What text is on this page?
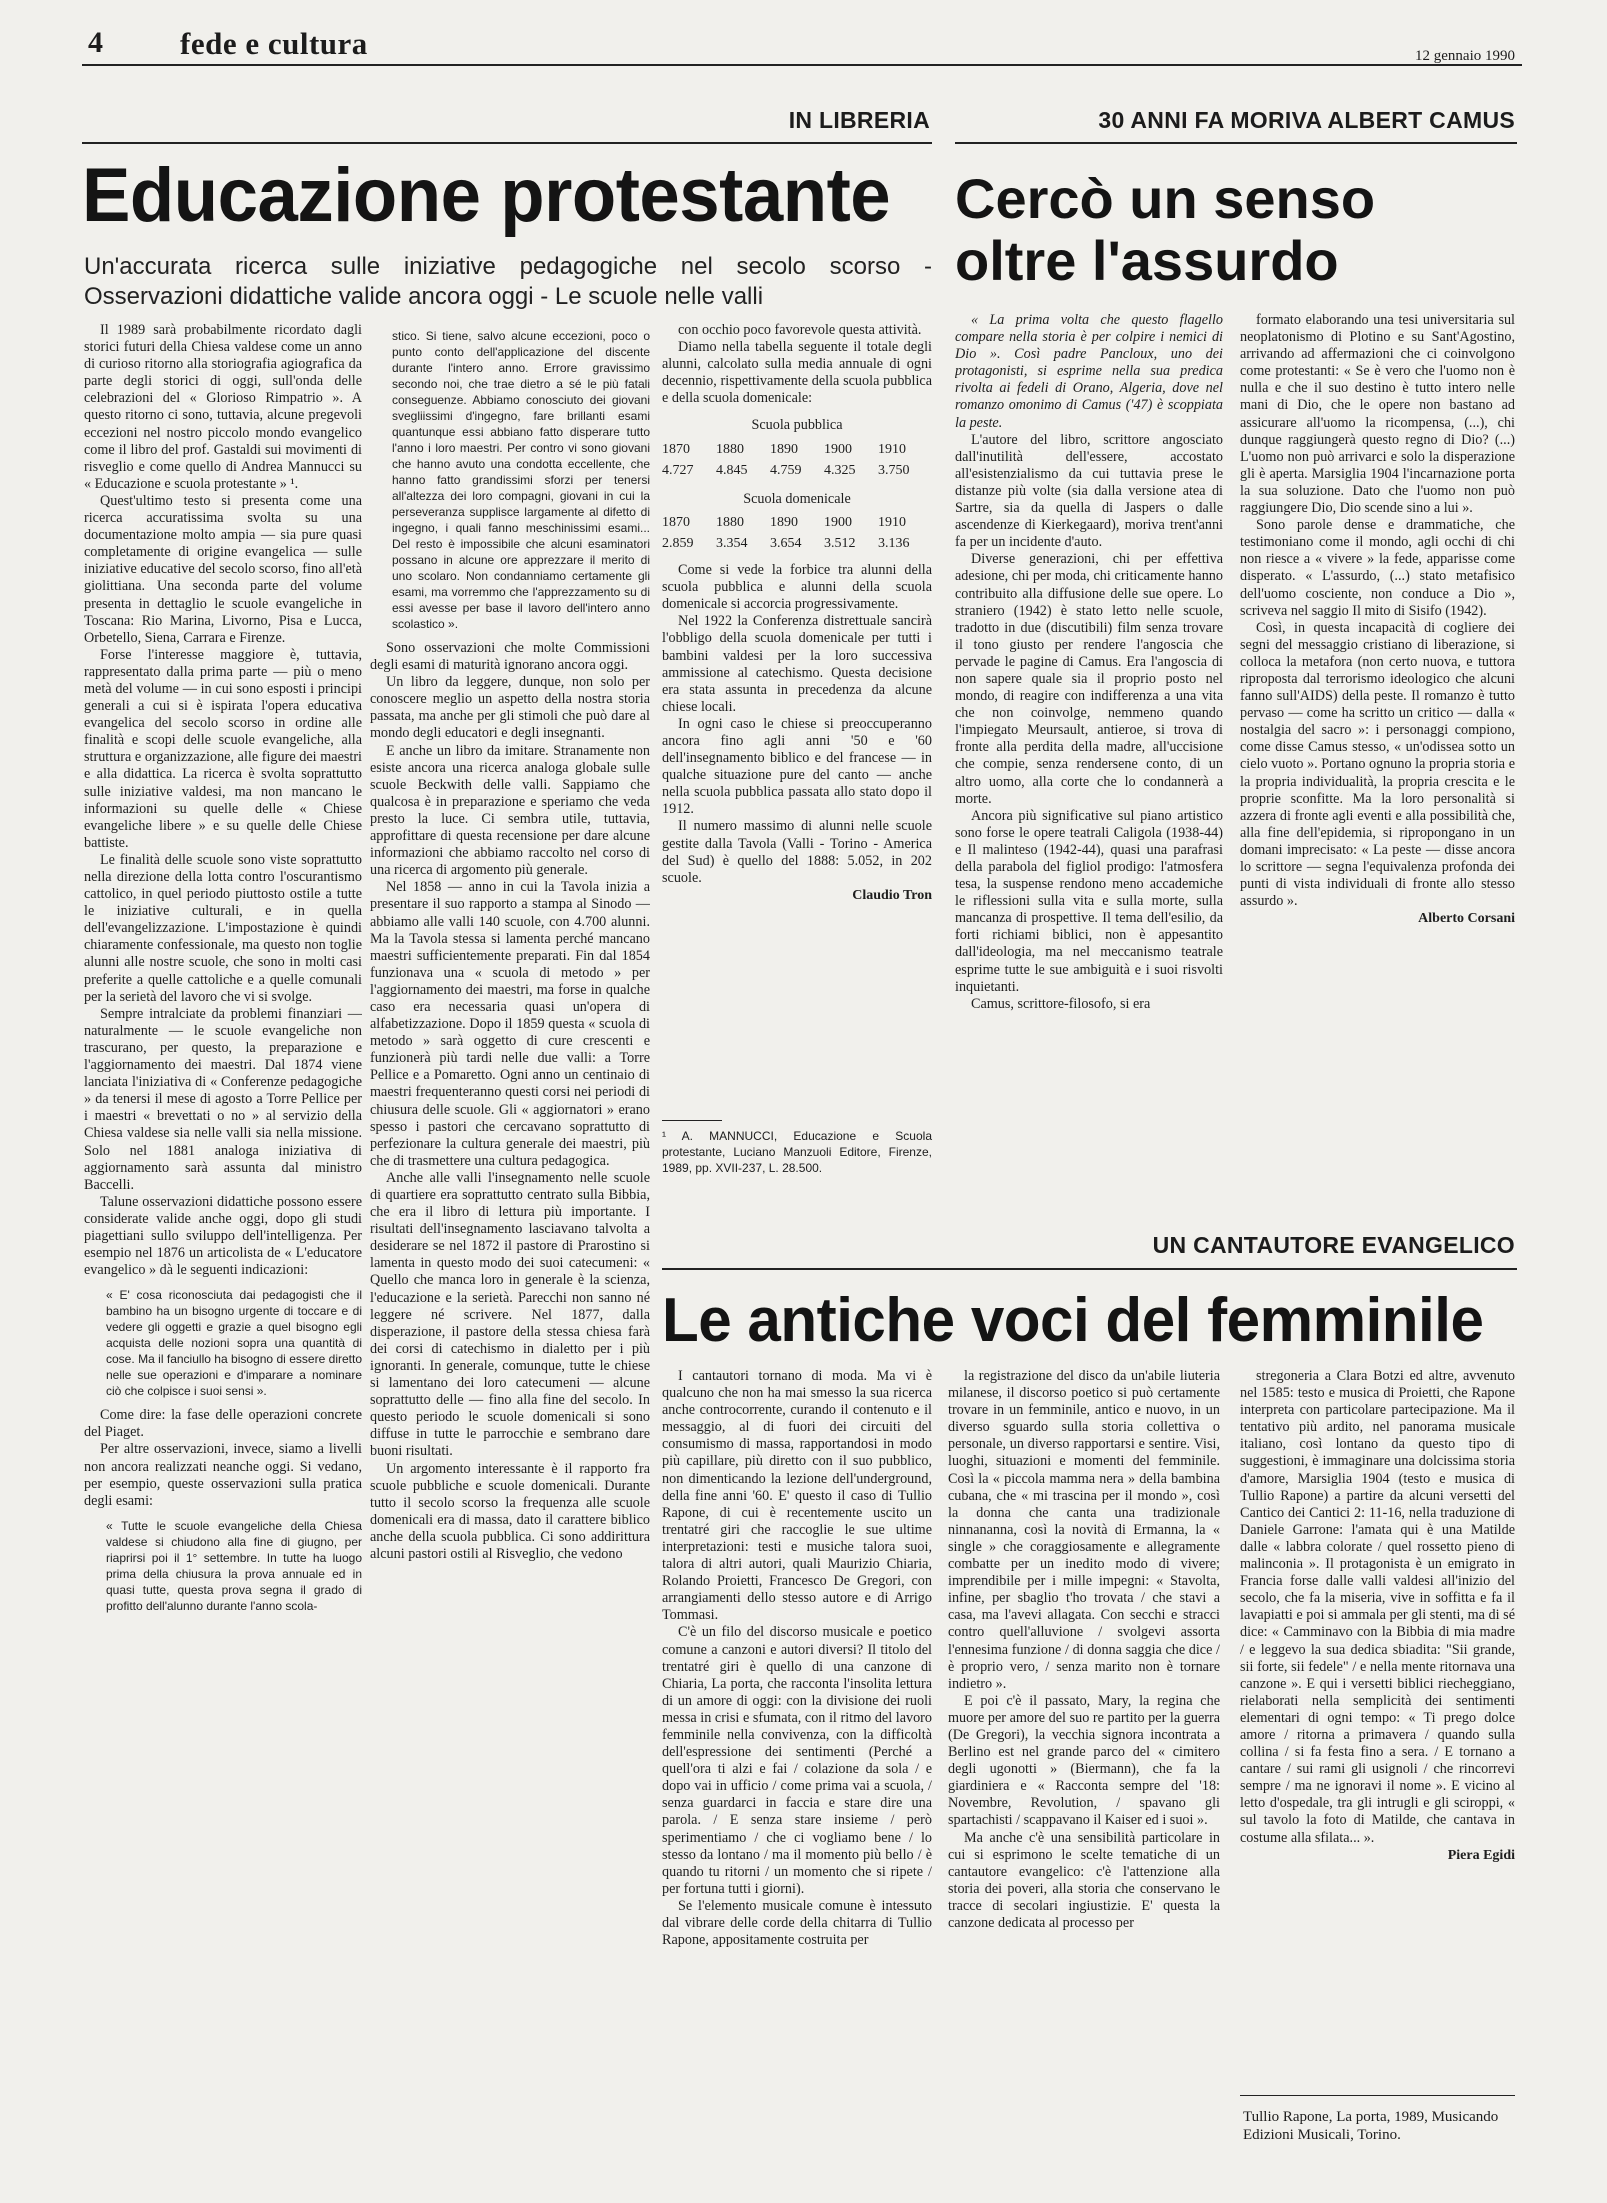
4 fede e cultura	12 gennaio 1990
IN LIBRERIA
Educazione protestante
Un'accurata ricerca sulle iniziative pedagogiche nel secolo scorso - Osservazioni didattiche valide ancora oggi - Le scuole nelle valli

Il 1989 sarà probabilmente ricordato dagli storici futuri della Chiesa valdese come un anno di curioso ritorno alla storiografia agiografica da parte degli storici di oggi, sull'onda delle celebrazioni del « Glorioso Rimpatrio ». A questo ritorno ci sono, tuttavia, alcune pregevoli eccezioni nel nostro piccolo mondo evangelico come il libro del prof. Gastaldi sui movimenti di risveglio e come quello di Andrea Mannucci su « Educazione e scuola protestante » ¹.

Quest'ultimo testo si presenta come una ricerca accuratissima svolta su una documentazione molto ampia — sia pure quasi completamente di origine evangelica — sulle iniziative educative del secolo scorso, fino all'età giolittiana. Una seconda parte del volume presenta in dettaglio le scuole evangeliche in Toscana: Rio Marina, Livorno, Pisa e Lucca, Orbetello, Siena, Carrara e Firenze.

Forse l'interesse maggiore è, tuttavia, rappresentato dalla prima parte — più o meno metà del volume — in cui sono esposti i principi generali a cui si è ispirata l'opera educativa evangelica del secolo scorso in ordine alle finalità e scopi delle scuole evangeliche, alla struttura e organizzazione, alle figure dei maestri e alla didattica. La ricerca è svolta soprattutto sulle iniziative valdesi, ma non mancano le informazioni su quelle delle « Chiese evangeliche libere » e su quelle delle Chiese battiste.

Le finalità delle scuole sono viste soprattutto nella direzione della lotta contro l'oscurantismo cattolico, in quel periodo piuttosto ostile a tutte le iniziative culturali, e in quella dell'evangelizzazione. L'impostazione è quindi chiaramente confessionale, ma questo non toglie alunni alle nostre scuole, che sono in molti casi preferite a quelle cattoliche e a quelle comunali per la serietà del lavoro che vi si svolge.

Sempre intralciate da problemi finanziari — naturalmente — le scuole evangeliche non trascurano, per questo, la preparazione e l'aggiornamento dei maestri. Dal 1874 viene lanciata l'iniziativa di « Conferenze pedagogiche » da tenersi il mese di agosto a Torre Pellice per i maestri « brevettati o no » al servizio della Chiesa valdese sia nelle valli sia nella missione. Solo nel 1881 analoga iniziativa di aggiornamento sarà assunta dal ministro Baccelli.

Talune osservazioni didattiche possono essere considerate valide anche oggi, dopo gli studi piagettiani sullo sviluppo dell'intelligenza. Per esempio nel 1876 un articolista de « L'educatore evangelico » dà le seguenti indicazioni:

« E' cosa riconosciuta dai pedagogisti che il bambino ha un bisogno urgente di toccare e di vedere gli oggetti e grazie a quel bisogno egli acquista delle nozioni sopra una quantità di cose. Ma il fanciullo ha bisogno di essere diretto nelle sue operazioni e d'imparare a nominare ciò che colpisce i suoi sensi ».

Come dire: la fase delle operazioni concrete del Piaget.

Per altre osservazioni, invece, siamo a livelli non ancora realizzati neanche oggi. Si vedano, per esempio, queste osservazioni sulla pratica degli esami:

« Tutte le scuole evangeliche della Chiesa valdese si chiudono alla fine di giugno, per riaprirsi poi il 1° settembre. In tutte ha luogo prima della chiusura la prova annuale ed in quasi tutte, questa prova segna il grado di profitto dell'alunno durante l'anno scola-
stico. Si tiene, salvo alcune eccezioni, poco o punto conto dell'applicazione del discente durante l'intero anno. Errore gravissimo secondo noi, che trae dietro a sé le più fatali conseguenze. Abbiamo conosciuto dei giovani svegliissimi d'ingegno, fare brillanti esami quantunque essi abbiano fatto disperare tutto l'anno i loro maestri. Per contro vi sono giovani che hanno avuto una condotta eccellente, che hanno fatto grandissimi sforzi per tenersi all'altezza dei loro compagni, giovani in cui la perseveranza supplisce largamente al difetto di ingegno, i quali fanno meschinissimi esami... Del resto è impossibile che alcuni esaminatori possano in alcune ore apprezzare il merito di uno scolaro. Non condanniamo certamente gli esami, ma vorremmo che l'apprezzamento su di essi avesse per base il lavoro dell'intero anno scolastico ».

Sono osservazioni che molte Commissioni degli esami di maturità ignorano ancora oggi.

Un libro da leggere, dunque, non solo per conoscere meglio un aspetto della nostra storia passata, ma anche per gli stimoli che può dare al mondo degli educatori e degli insegnanti.

E anche un libro da imitare. Stranamente non esiste ancora una ricerca analoga globale sulle scuole Beckwith delle valli. Sappiamo che qualcosa è in preparazione e speriamo che veda presto la luce. Ci sembra utile, tuttavia, approfittare di questa recensione per dare alcune informazioni che abbiamo raccolto nel corso di una ricerca di argomento più generale.

Nel 1858 — anno in cui la Tavola inizia a presentare il suo rapporto a stampa al Sinodo — abbiamo alle valli 140 scuole, con 4.700 alunni. Ma la Tavola stessa si lamenta perché mancano maestri sufficientemente preparati. Fin dal 1854 funzionava una « scuola di metodo » per l'aggiornamento dei maestri, ma forse in qualche caso era necessaria quasi un'opera di alfabetizzazione. Dopo il 1859 questa « scuola di metodo » sarà oggetto di cure crescenti e funzionerà più tardi nelle due valli: a Torre Pellice e a Pomaretto. Ogni anno un centinaio di maestri frequenteranno questi corsi nei periodi di chiusura delle scuole. Gli « aggiornatori » erano spesso i pastori che cercavano soprattutto di perfezionare la cultura generale dei maestri, più che di trasmettere una cultura pedagogica.

Anche alle valli l'insegnamento nelle scuole di quartiere era soprattutto centrato sulla Bibbia, che era il libro di lettura più importante. I risultati dell'insegnamento lasciavano talvolta a desiderare se nel 1872 il pastore di Prarostino si lamenta in questo modo dei suoi catecumeni: « Quello che manca loro in generale è la scienza, l'educazione e la serietà. Parecchi non sanno né leggere né scrivere. Nel 1877, dalla disperazione, il pastore della stessa chiesa farà dei corsi di catechismo in dialetto per i più ignoranti. In generale, comunque, tutte le chiese si lamentano dei loro catecumeni — alcune soprattutto delle — fino alla fine del secolo. In questo periodo le scuole domenicali si sono diffuse in tutte le parrocchie e sembrano dare buoni risultati.

Un argomento interessante è il rapporto fra scuole pubbliche e scuole domenicali. Durante tutto il secolo scorso la frequenza alle scuole domenicali era di massa, dato il carattere biblico anche della scuola pubblica. Ci sono addirittura alcuni pastori ostili al Risveglio, che vedono

con occhio poco favorevole questa attività.

Diamo nella tabella seguente il totale degli alunni, calcolato sulla media annuale di ogni decennio, rispettivamente della scuola pubblica e della scuola domenicale:

Scuola pubblica

1870	1880	1890	1900	1910
4.727	4.845	4.759	4.325	3.750

Scuola domenicale

1870	1880	1890	1900	1910
2.859	3.354	3.654	3.512	3.136

Come si vede la forbice tra alunni della scuola pubblica e alunni della scuola domenicale si accorcia progressivamente.

Nel 1922 la Conferenza distrettuale sancirà l'obbligo della scuola domenicale per tutti i bambini valdesi per la loro successiva ammissione al catechismo. Questa decisione era stata assunta in precedenza da alcune chiese locali.

In ogni caso le chiese si preoccuperanno ancora fino agli anni '50 e '60 dell'insegnamento biblico e del francese — in qualche situazione pure del canto — anche nella scuola pubblica passata allo stato dopo il 1912.

Il numero massimo di alunni nelle scuole gestite dalla Tavola (Valli - Torino - America del Sud) è quello del 1888: 5.052, in 202 scuole.

Claudio Tron

¹ A. MANNUCCI, Educazione e Scuola protestante, Luciano Manzuoli Editore, Firenze, 1989, pp. XVII-237, L. 28.500.
30 ANNI FA MORIVA ALBERT CAMUS
Cercò un senso
oltre l'assurdo

« La prima volta che questo flagello compare nella storia è per colpire i nemici di Dio ». Così padre Pancloux, uno dei protagonisti, si esprime nella sua predica rivolta ai fedeli di Orano, Algeria, dove nel romanzo omonimo di Camus ('47) è scoppiata la peste.

L'autore del libro, scrittore angosciato dall'inutilità dell'essere, accostato all'esistenzialismo da cui tuttavia prese le distanze più volte (sia dalla versione atea di Sartre, sia da quella di Jaspers o dalle ascendenze di Kierkegaard), moriva trent'anni fa per un incidente d'auto.

Diverse generazioni, chi per effettiva adesione, chi per moda, chi criticamente hanno contribuito alla diffusione delle sue opere. Lo straniero (1942) è stato letto nelle scuole, tradotto in due (discutibili) film senza trovare il tono giusto per rendere l'angoscia che pervade le pagine di Camus. Era l'angoscia di non sapere quale sia il proprio posto nel mondo, di reagire con indifferenza a una vita che non coinvolge, nemmeno quando l'impiegato Meursault, antieroe, si trova di fronte alla perdita della madre, all'uccisione che compie, senza rendersene conto, di un altro uomo, alla corte che lo condannerà a morte.

Ancora più significative sul piano artistico sono forse le opere teatrali Caligola (1938-44) e Il malinteso (1942-44), quasi una parafrasi della parabola del figliol prodigo: l'atmosfera tesa, la suspense rendono meno accademiche le riflessioni sulla vita e sulla morte, sulla mancanza di prospettive. Il tema dell'esilio, da forti richiami biblici, non è appesantito dall'ideologia, ma nel meccanismo teatrale esprime tutte le sue ambiguità e i suoi risvolti inquietanti.

Camus, scrittore-filosofo, si era

formato elaborando una tesi universitaria sul neoplatonismo di Plotino e su Sant'Agostino, arrivando ad affermazioni che ci coinvolgono come protestanti: « Se è vero che l'uomo non è nulla e che il suo destino è tutto intero nelle mani di Dio, che le opere non bastano ad assicurare all'uomo la ricompensa, (...), chi dunque raggiungerà questo regno di Dio? (...) L'uomo non può arrivarci e solo la disperazione gli è aperta. Marsiglia 1904 l'incarnazione porta la sua soluzione. Dato che l'uomo non può raggiungere Dio, Dio scende sino a lui ».

Sono parole dense e drammatiche, che testimoniano come il mondo, agli occhi di chi non riesce a « vivere » la fede, apparisse come disperato. « L'assurdo, (...) stato metafisico dell'uomo cosciente, non conduce a Dio », scriveva nel saggio Il mito di Sisifo (1942).

Così, in questa incapacità di cogliere dei segni del messaggio cristiano di liberazione, si colloca la metafora (non certo nuova, e tuttora riproposta dal terrorismo ideologico che alcuni fanno sull'AIDS) della peste. Il romanzo è tutto pervaso — come ha scritto un critico — dalla « nostalgia del sacro »: i personaggi compiono, come disse Camus stesso, « un'odissea sotto un cielo vuoto ». Portano ognuno la propria storia e la propria individualità, la propria crescita e le proprie sconfitte. Ma la loro personalità si azzera di fronte agli eventi e alla possibilità che, alla fine dell'epidemia, si ripropongano in un domani imprecisato: « La peste — disse ancora lo scrittore — segna l'equivalenza profonda dei punti di vista individuali di fronte allo stesso assurdo ».

Alberto Corsani

UN CANTAUTORE EVANGELICO
Le antiche voci del femminile

I cantautori tornano di moda. Ma vi è qualcuno che non ha mai smesso la sua ricerca anche controcorrente, curando il contenuto e il messaggio, al di fuori dei circuiti del consumismo di massa, rapportandosi in modo più capillare, più diretto con il suo pubblico, non dimenticando la lezione dell'underground, della fine anni '60. E' questo il caso di Tullio Rapone, di cui è recentemente uscito un trentatré giri che raccoglie le sue ultime interpretazioni: testi e musiche talora suoi, talora di altri autori, quali Maurizio Chiaria, Rolando Proietti, Francesco De Gregori, con arrangiamenti dello stesso autore e di Arrigo Tommasi.

C'è un filo del discorso musicale e poetico comune a canzoni e autori diversi? Il titolo del trentatré giri è quello di una canzone di Chiaria, La porta, che racconta l'insolita lettura di un amore di oggi: con la divisione dei ruoli messa in crisi e sfumata, con il ritmo del lavoro femminile nella convivenza, con la difficoltà dell'espressione dei sentimenti (Perché a quell'ora ti alzi e fai / colazione da sola / e dopo vai in ufficio / come prima vai a scuola, / senza guardarci in faccia e stare dire una parola. / E senza stare insieme / però sperimentiamo / che ci vogliamo bene / lo stesso da lontano / ma il momento più bello / è quando tu ritorni / un momento che si ripete / per fortuna tutti i giorni).

Se l'elemento musicale comune è intessuto dal vibrare delle corde della chitarra di Tullio Rapone, appositamente costruita per

la registrazione del disco da un'abile liuteria milanese, il discorso poetico si può certamente trovare in un femminile, antico e nuovo, in un diverso sguardo sulla storia collettiva o personale, un diverso rapportarsi e sentire. Visi, luoghi, situazioni e momenti del femminile. Così la « piccola mamma nera » della bambina cubana, che « mi trascina per il mondo », così la donna che canta una tradizionale ninnananna, così la novità di Ermanna, la « single » che coraggiosamente e allegramente combatte per un inedito modo di vivere; imprendibile per i mille impegni: « Stavolta, infine, per sbaglio t'ho trovata / che stavi a casa, ma l'avevi allagata. Con secchi e stracci contro quell'alluvione / svolgevi assorta l'ennesima funzione / di donna saggia che dice / è proprio vero, / senza marito non è tornare indietro ».

E poi c'è il passato, Mary, la regina che muore per amore del suo re partito per la guerra (De Gregori), la vecchia signora incontrata a Berlino est nel grande parco del « cimitero degli ugonotti » (Biermann), che fa la giardiniera e « Racconta sempre del '18: Novembre, Revolution, / spavano gli spartachisti / scappavano il Kaiser ed i suoi ».

Ma anche c'è una sensibilità particolare in cui si esprimono le scelte tematiche di un cantautore evangelico: c'è l'attenzione alla storia dei poveri, alla storia che conservano le tracce di secolari ingiustizie. E' questa la canzone dedicata al processo per

stregoneria a Clara Botzi ed altre, avvenuto nel 1585: testo e musica di Proietti, che Rapone interpreta con particolare partecipazione. Ma il tentativo più ardito, nel panorama musicale italiano, così lontano da questo tipo di suggestioni, è immaginare una dolcissima storia d'amore, Marsiglia 1904 (testo e musica di Tullio Rapone) a partire da alcuni versetti del Cantico dei Cantici 2: 11-16, nella traduzione di Daniele Garrone: l'amata qui è una Matilde dalle « labbra colorate / quel rossetto pieno di malinconia ». Il protagonista è un emigrato in Francia forse dalle valli valdesi all'inizio del secolo, che fa la miseria, vive in soffitta e fa il lavapiatti e poi si ammala per gli stenti, ma di sé dice: « Camminavo con la Bibbia di mia madre / e leggevo la sua dedica sbiadita: "Sii grande, sii forte, sii fedele" / e nella mente ritornava una canzone ». E qui i versetti biblici riecheggiano, rielaborati nella semplicità dei sentimenti elementari di ogni tempo: « Ti prego dolce amore / ritorna a primavera / quando sulla collina / si fa festa fino a sera. / E tornano a cantare / sui rami gli usignoli / che rincorrevi sempre / ma ne ignoravi il nome ». E vicino al letto d'ospedale, tra gli intrugli e gli sciroppi, « sul tavolo la foto di Matilde, che cantava in costume alla sfilata... ».

Piera Egidi

Tullio Rapone, La porta, 1989, Musicando Edizioni Musicali, Torino.
